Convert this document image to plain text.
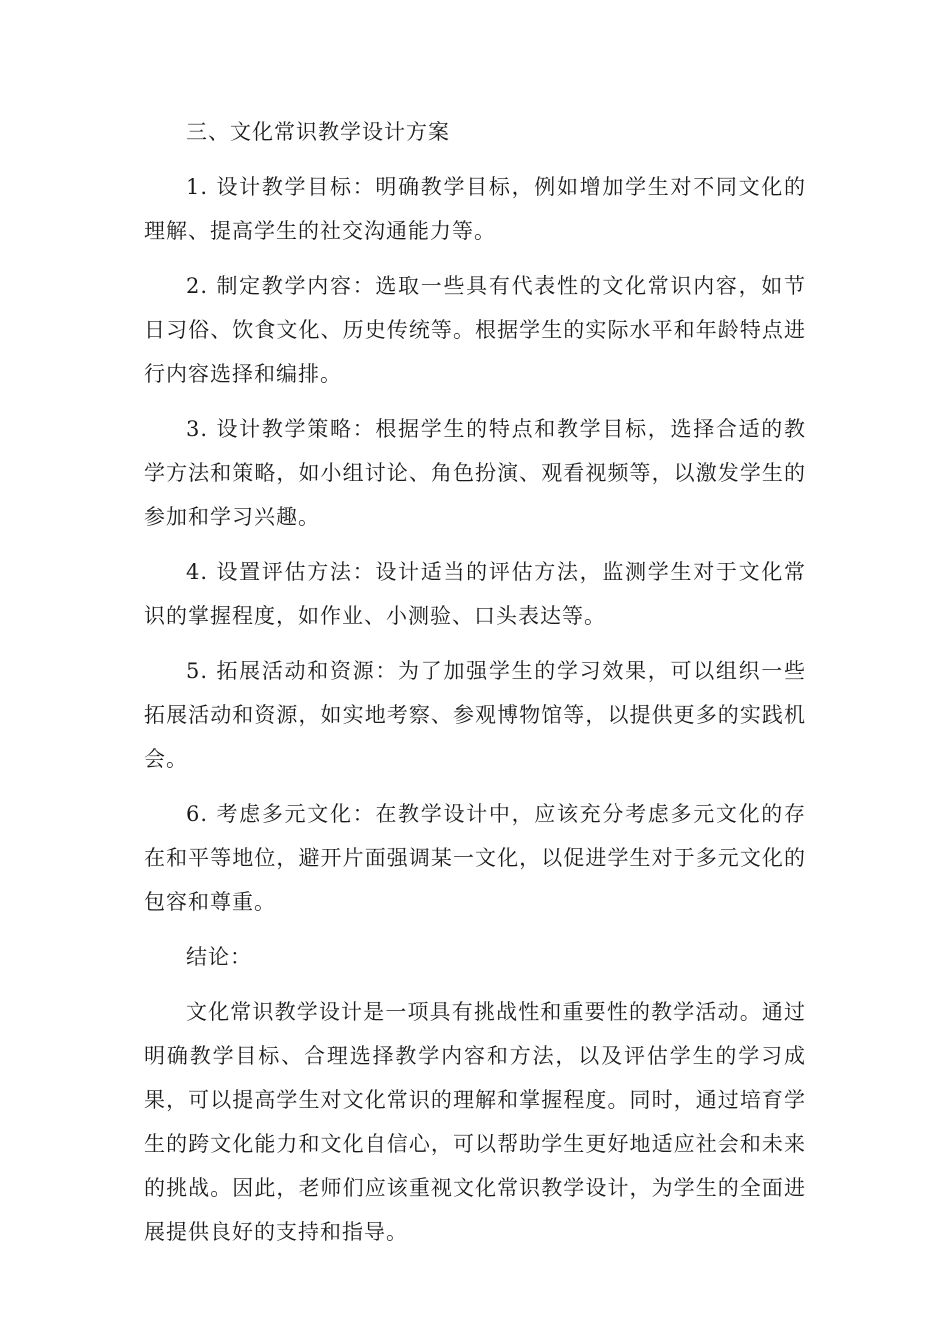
三、文化常识教学设计方案

1. 设计教学目标：明确教学目标，例如增加学生对不同文化的理解、提高学生的社交沟通能力等。

2. 制定教学内容：选取一些具有代表性的文化常识内容，如节日习俗、饮食文化、历史传统等。根据学生的实际水平和年龄特点进行内容选择和编排。

3. 设计教学策略：根据学生的特点和教学目标，选择合适的教学方法和策略，如小组讨论、角色扮演、观看视频等，以激发学生的参加和学习兴趣。

4. 设置评估方法：设计适当的评估方法，监测学生对于文化常识的掌握程度，如作业、小测验、口头表达等。

5. 拓展活动和资源：为了加强学生的学习效果，可以组织一些拓展活动和资源，如实地考察、参观博物馆等，以提供更多的实践机会。

6. 考虑多元文化：在教学设计中，应该充分考虑多元文化的存在和平等地位，避开片面强调某一文化，以促进学生对于多元文化的包容和尊重。

结论：

文化常识教学设计是一项具有挑战性和重要性的教学活动。通过明确教学目标、合理选择教学内容和方法，以及评估学生的学习成果，可以提高学生对文化常识的理解和掌握程度。同时，通过培育学生的跨文化能力和文化自信心，可以帮助学生更好地适应社会和未来的挑战。因此，老师们应该重视文化常识教学设计，为学生的全面进展提供良好的支持和指导。
